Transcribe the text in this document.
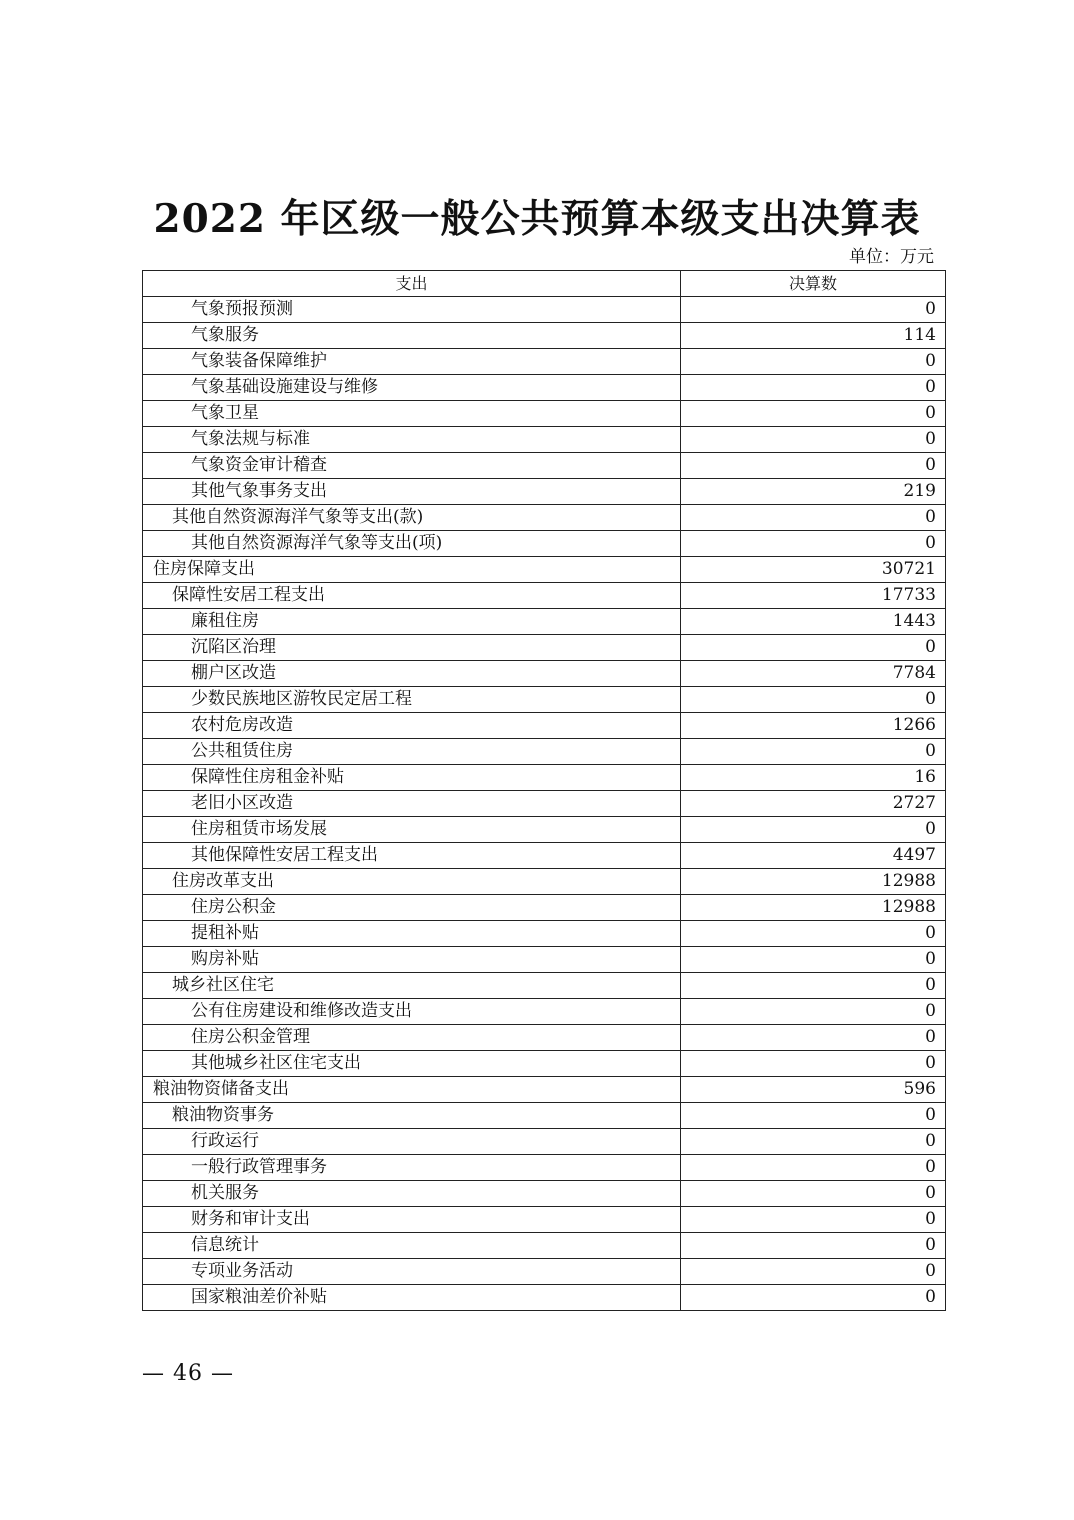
2022 年区级一般公共预算本级支出决算表
单位：万元
支出	决算数
气象预报预测	0
气象服务	114
气象装备保障维护	0
气象基础设施建设与维修	0
气象卫星	0
气象法规与标准	0
气象资金审计稽查	0
其他气象事务支出	219
其他自然资源海洋气象等支出(款)	0
其他自然资源海洋气象等支出(项)	0
住房保障支出	30721
保障性安居工程支出	17733
廉租住房	1443
沉陷区治理	0
棚户区改造	7784
少数民族地区游牧民定居工程	0
农村危房改造	1266
公共租赁住房	0
保障性住房租金补贴	16
老旧小区改造	2727
住房租赁市场发展	0
其他保障性安居工程支出	4497
住房改革支出	12988
住房公积金	12988
提租补贴	0
购房补贴	0
城乡社区住宅	0
公有住房建设和维修改造支出	0
住房公积金管理	0
其他城乡社区住宅支出	0
粮油物资储备支出	596
粮油物资事务	0
行政运行	0
一般行政管理事务	0
机关服务	0
财务和审计支出	0
信息统计	0
专项业务活动	0
国家粮油差价补贴	0
— 46 —
